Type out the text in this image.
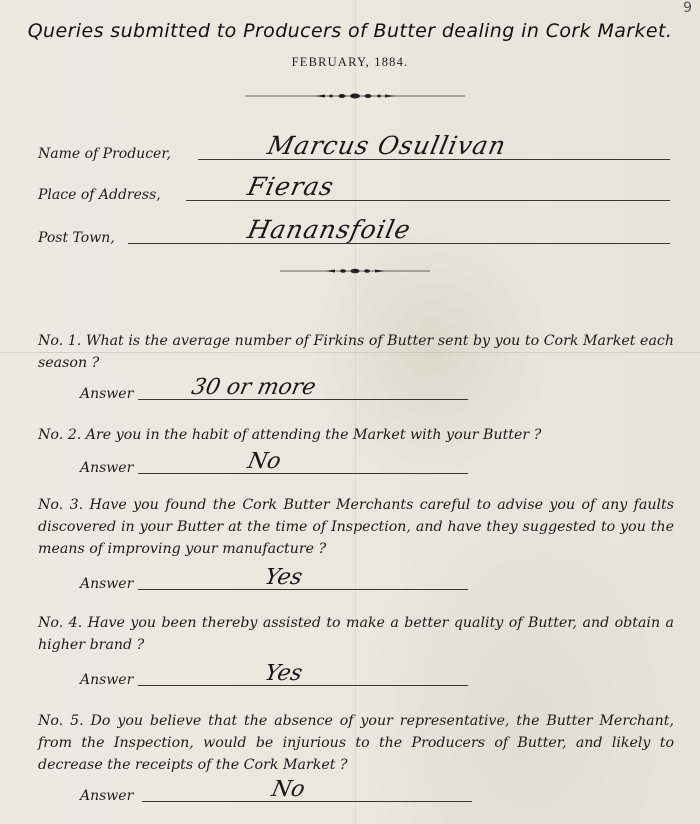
9
Queries submitted to Producers of Butter dealing in Cork Market.
FEBRUARY, 1884.
Name of Producer,	Marcus Osullivan
Place of Address,	Fieras
Post Town,	Hanansfoile
No. 1. What is the average number of Firkins of Butter sent by you to Cork Market each season ?
Answer	30 or more
No. 2. Are you in the habit of attending the Market with your Butter ?
Answer	No
No. 3. Have you found the Cork Butter Merchants careful to advise you of any faults discovered in your Butter at the time of Inspection, and have they suggested to you the means of improving your manufacture ?
Answer	Yes
No. 4. Have you been thereby assisted to make a better quality of Butter, and obtain a higher brand ?
Answer	Yes
No. 5. Do you believe that the absence of your representative, the Butter Merchant, from the Inspection, would be injurious to the Producers of Butter, and likely to decrease the receipts of the Cork Market ?
Answer	No
